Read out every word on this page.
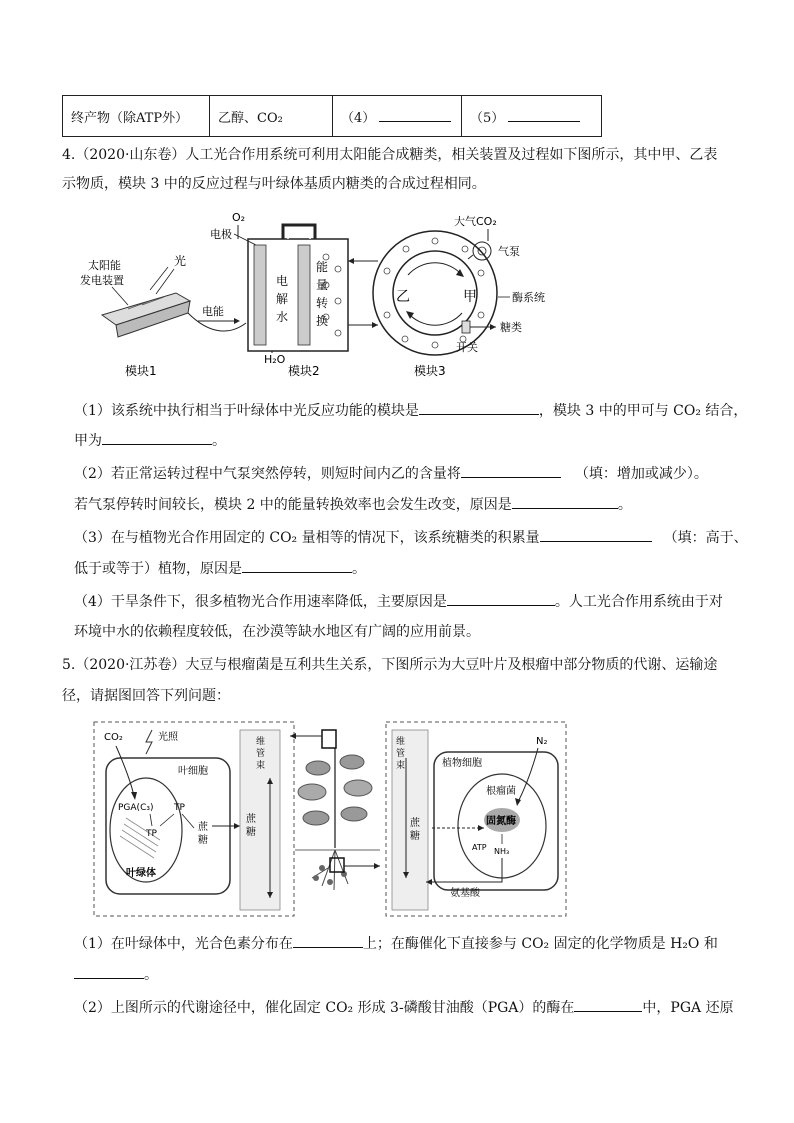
终产物（除ATP外）	乙醇、CO₂	（4）	（5）
4.（2020·山东卷）人工光合作用系统可利用太阳能合成糖类，相关装置及过程如下图所示，其中甲、乙表
示物质，模块 3 中的反应过程与叶绿体基质内糖类的合成过程相同。
太阳能
发电装置
光
电能
模块1
电极
O₂
电
解
水
能
量
转
换
H₂O
模块2
乙	甲	酶系统
大气CO₂
气泵
糖类
开关
模块3
（1）该系统中执行相当于叶绿体中光反应功能的模块是	，模块 3 中的甲可与 CO₂ 结合，
甲为	。
（2）若正常运转过程中气泵突然停转，则短时间内乙的含量将	（填：增加或减少）。
若气泵停转时间较长，模块 2 中的能量转换效率也会发生改变，原因是	。
（3）在与植物光合作用固定的 CO₂ 量相等的情况下，该系统糖类的积累量	（填：高于、
低于或等于）植物，原因是	。
（4）干旱条件下，很多植物光合作用速率降低，主要原因是	。人工光合作用系统由于对
环境中水的依赖程度较低，在沙漠等缺水地区有广阔的应用前景。
5.（2020·江苏卷）大豆与根瘤菌是互利共生关系，下图所示为大豆叶片及根瘤中部分物质的代谢、运输途
径，请据图回答下列问题：
CO₂	光照
叶细胞
PGA(C₃)
TP
TP
蔗
糖
叶绿体
维
管
束
蔗
糖
维
管
束
蔗
糖
植物细胞
N₂
根瘤菌
固氮酶
ATP NH₃
氨基酸
（1）在叶绿体中，光合色素分布在	上；在酶催化下直接参与 CO₂ 固定的化学物质是 H₂O 和
。
（2）上图所示的代谢途径中，催化固定 CO₂ 形成 3-磷酸甘油酸（PGA）的酶在	中，PGA 还原
